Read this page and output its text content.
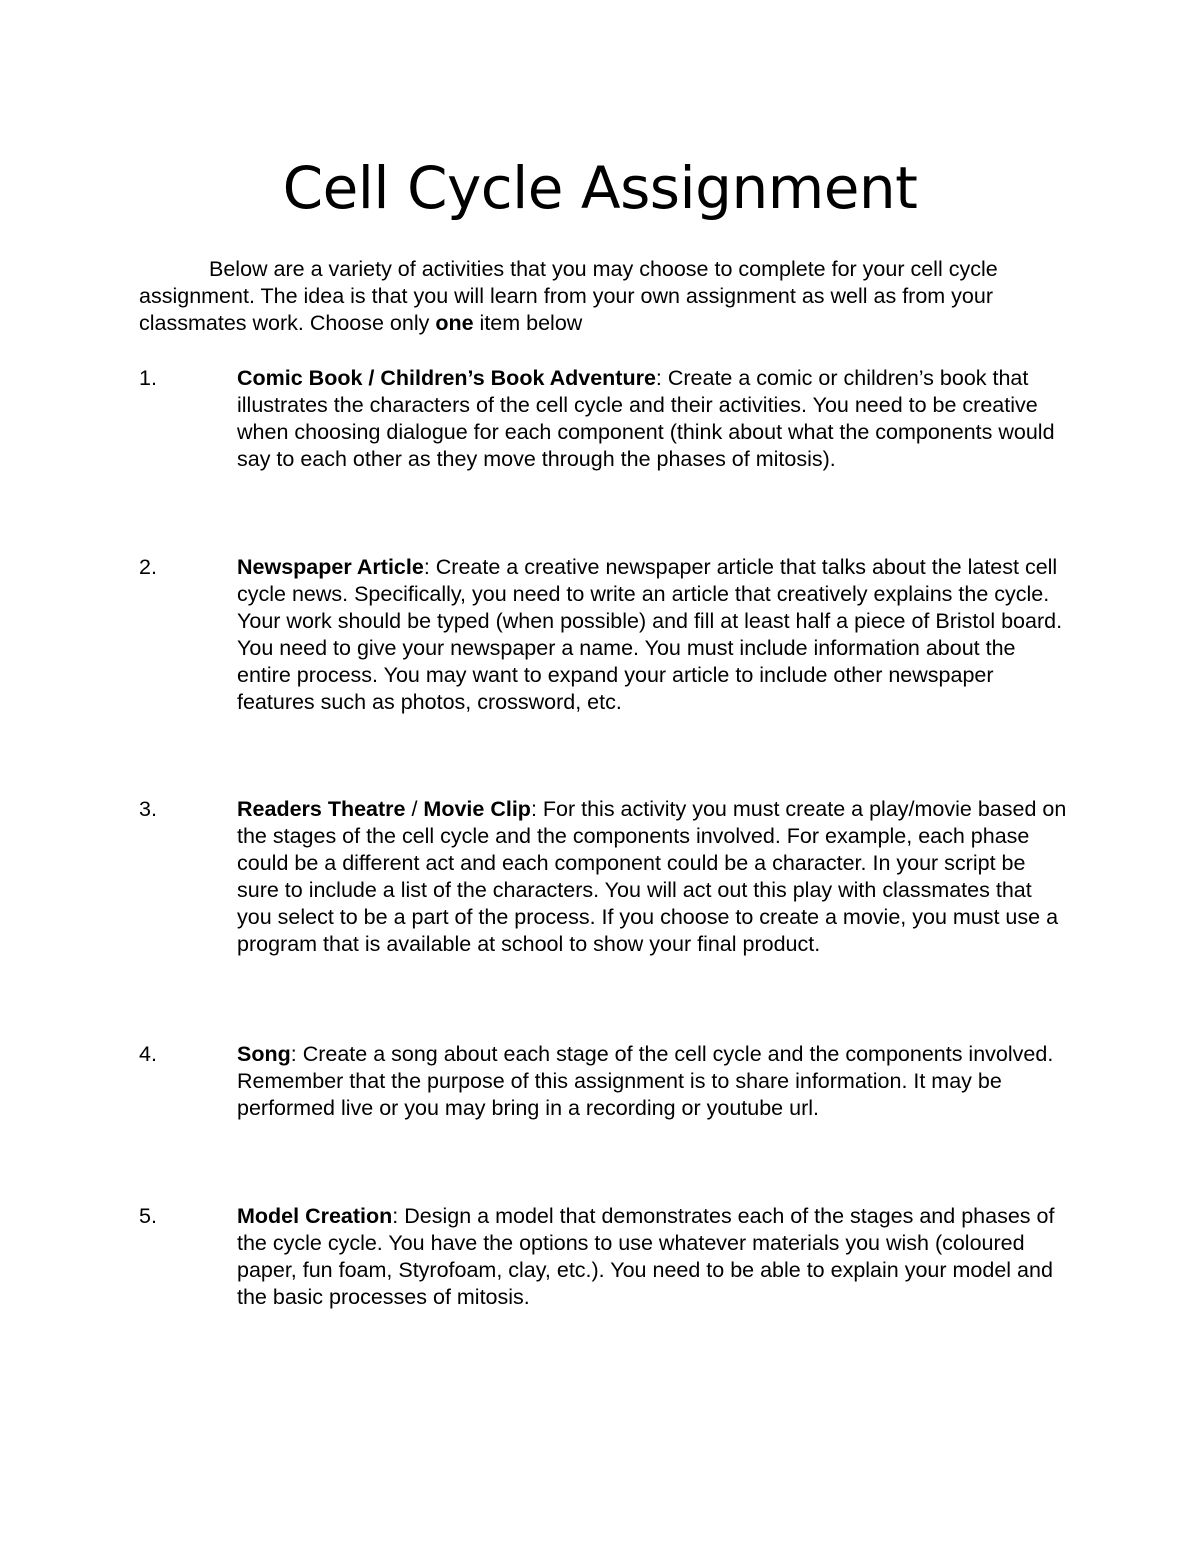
Cell Cycle Assignment

Below are a variety of activities that you may choose to complete for your cell cycle assignment. The idea is that you will learn from your own assignment as well as from your classmates work. Choose only one item below

1.	Comic Book / Children’s Book Adventure: Create a comic or children’s book that illustrates the characters of the cell cycle and their activities. You need to be creative when choosing dialogue for each component (think about what the components would say to each other as they move through the phases of mitosis).
2.	Newspaper Article: Create a creative newspaper article that talks about the latest cell cycle news. Specifically, you need to write an article that creatively explains the cycle. Your work should be typed (when possible) and fill at least half a piece of Bristol board. You need to give your newspaper a name. You must include information about the entire process. You may want to expand your article to include other newspaper features such as photos, crossword, etc.
3.	Readers Theatre / Movie Clip: For this activity you must create a play/movie based on the stages of the cell cycle and the components involved. For example, each phase could be a different act and each component could be a character. In your script be sure to include a list of the characters. You will act out this play with classmates that you select to be a part of the process. If you choose to create a movie, you must use a program that is available at school to show your final product.
4.	Song: Create a song about each stage of the cell cycle and the components involved. Remember that the purpose of this assignment is to share information. It may be performed live or you may bring in a recording or youtube url.
5.	Model Creation: Design a model that demonstrates each of the stages and phases of the cycle cycle. You have the options to use whatever materials you wish (coloured paper, fun foam, Styrofoam, clay, etc.). You need to be able to explain your model and the basic processes of mitosis.
